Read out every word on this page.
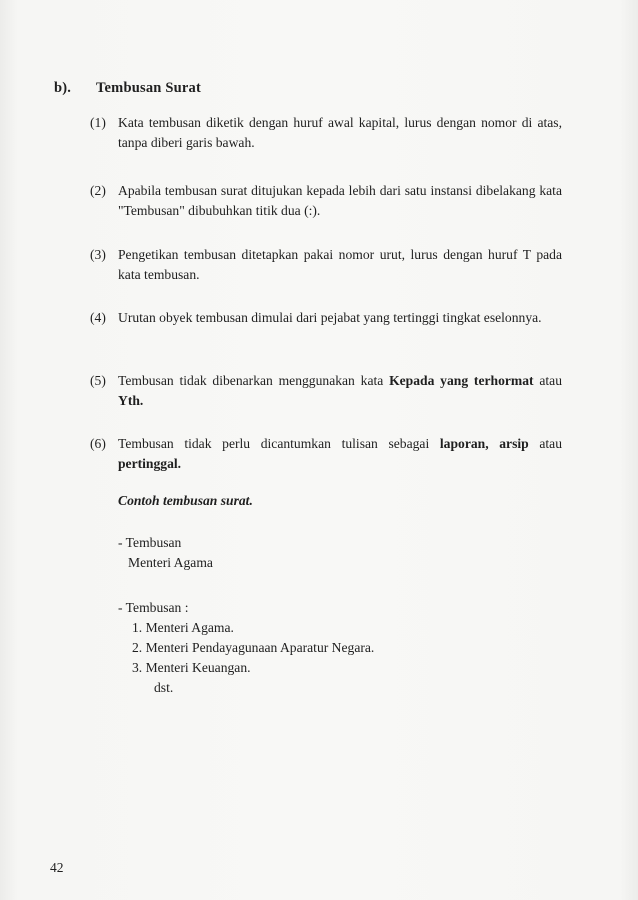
b). Tembusan Surat
(1) Kata tembusan diketik dengan huruf awal kapital, lurus dengan nomor di atas, tanpa diberi garis bawah.
(2) Apabila tembusan surat ditujukan kepada lebih dari satu instansi dibelakang kata "Tembusan" dibubuhkan titik dua (:).
(3) Pengetikan tembusan ditetapkan pakai nomor urut, lurus dengan huruf T pada kata tembusan.
(4) Urutan obyek tembusan dimulai dari pejabat yang tertinggi tingkat eselonnya.
(5) Tembusan tidak dibenarkan menggunakan kata Kepada yang terhormat atau Yth.
(6) Tembusan tidak perlu dicantumkan tulisan sebagai laporan, arsip atau pertinggal.
Contoh tembusan surat.
- Tembusan
Menteri Agama
- Tembusan :
1. Menteri Agama.
2. Menteri Pendayagunaan Aparatur Negara.
3. Menteri Keuangan.
dst.
42
